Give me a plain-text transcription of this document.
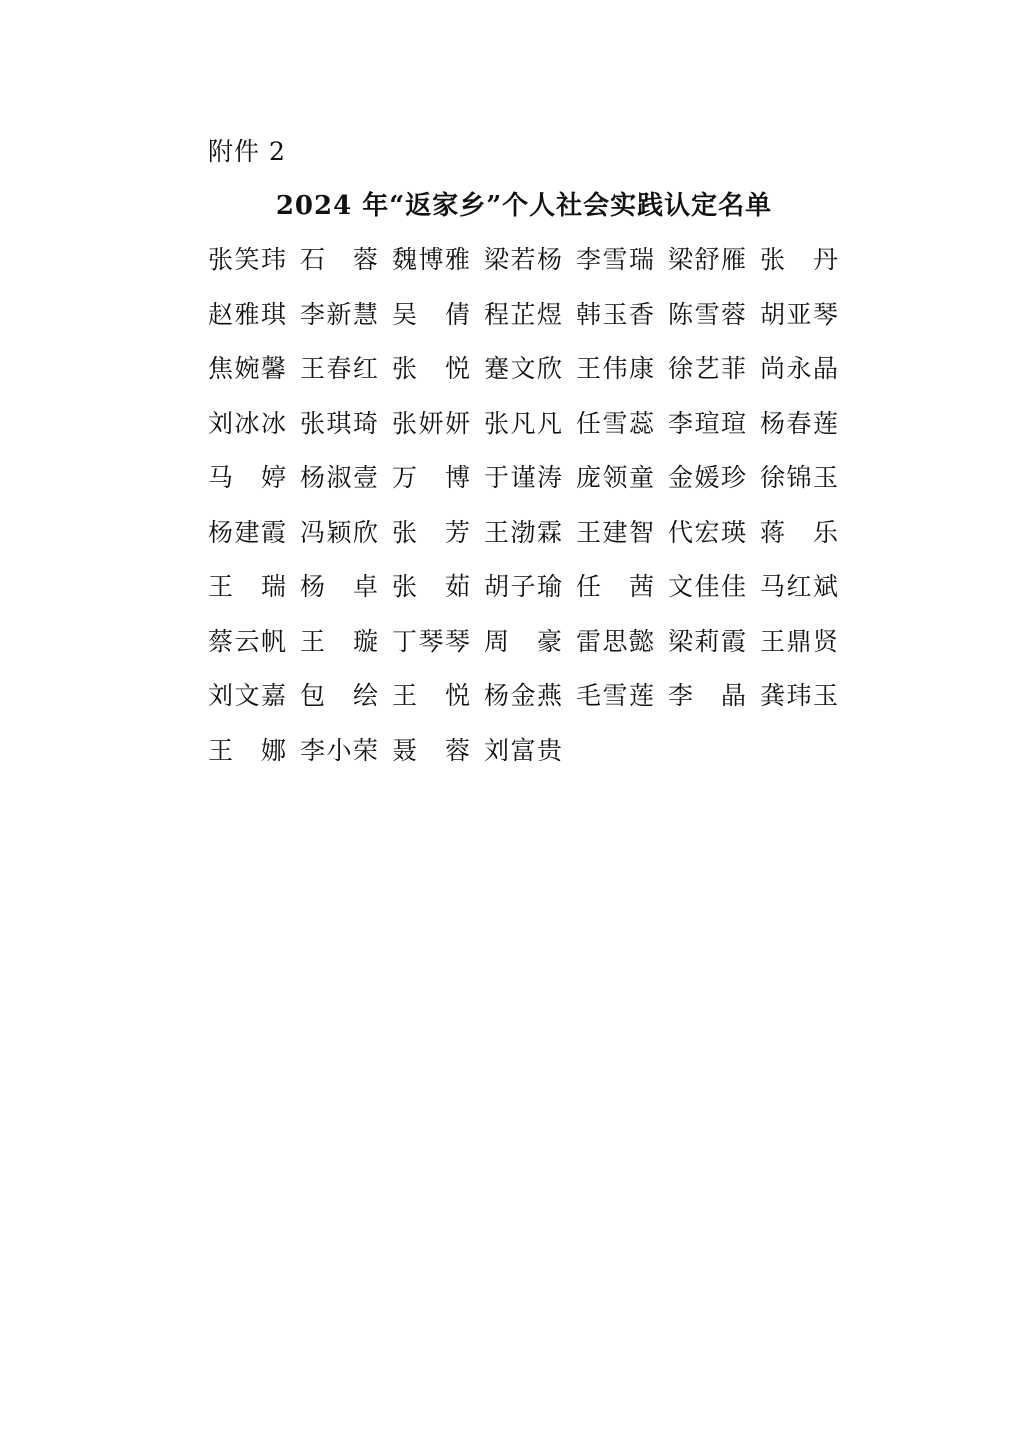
附件 2
2024 年“返家乡”个人社会实践认定名单
张 笑 玮 石 蓉 魏 博 雅 梁 若 杨 李 雪 瑞 梁 舒 雁 张 丹
赵 雅 琪 李 新 慧 吴 倩 程 芷 煜 韩 玉 香 陈 雪 蓉 胡 亚 琴
焦 婉 馨 王 春 红 张 悦 蹇 文 欣 王 伟 康 徐 艺 菲 尚 永 晶
刘 冰 冰 张 琪 琦 张 妍 妍 张 凡 凡 任 雪 蕊 李 瑄 瑄 杨 春 莲
马 婷 杨 淑 壹 万 博 于 谨 涛 庞 领 童 金 媛 珍 徐 锦 玉
杨 建 霞 冯 颖 欣 张 芳 王 渤 霖 王 建 智 代 宏 瑛 蒋 乐
王 瑞 杨 卓 张 茹 胡 子 瑜 任 茜 文 佳 佳 马 红 斌
蔡 云 帆 王 璇 丁 琴 琴 周 豪 雷 思 懿 梁 莉 霞 王 鼎 贤
刘 文 嘉 包 绘 王 悦 杨 金 燕 毛 雪 莲 李 晶 龚 玮 玉
王 娜 李 小 荣 聂 蓉 刘 富 贵
